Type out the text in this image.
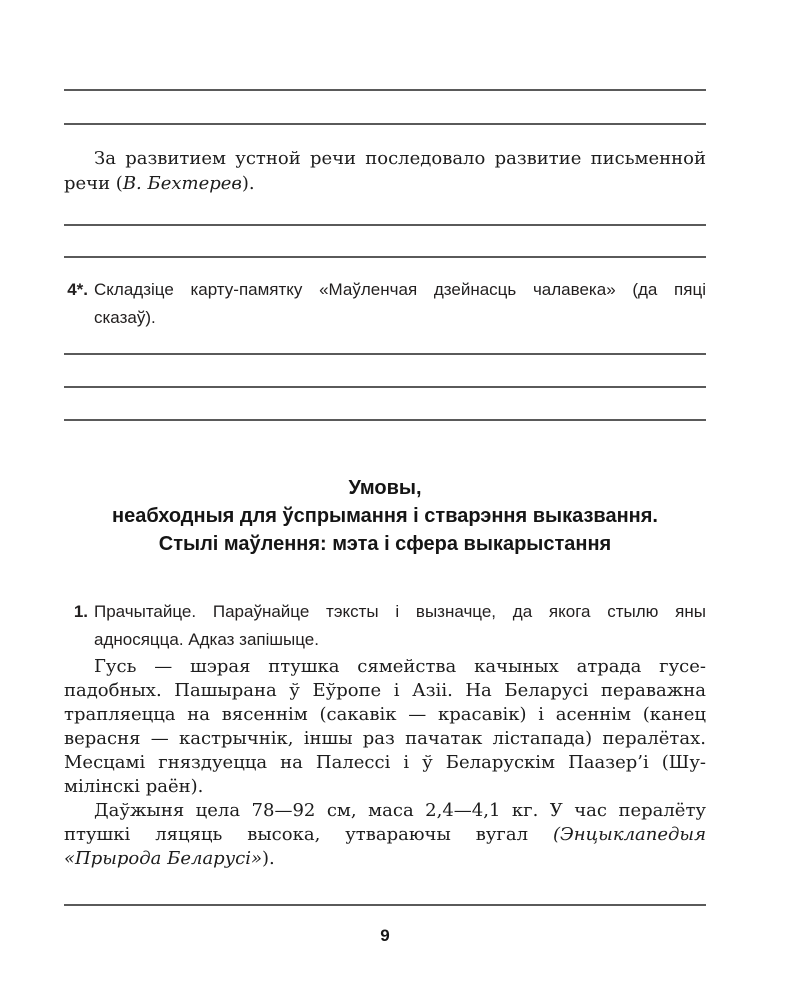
За развитием устной речи последовало развитие письменной
речи (В. Бехтерев).
4*. Складзіце карту-памятку «Маўленчая дзейнасць чалавека» (да пяці
сказаў).
Умовы,
неабходныя для ўспрымання і стварэння выказвання.
Стылі маўлення: мэта і сфера выкарыстання
1. Прачытайце. Параўнайце тэксты і вызначце, да якога стылю яны
адносяцца. Адказ запішыце.
Гусь — шэрая птушка сямейства качыных атрада гусе-
падобных. Пашырана ў Еўропе і Азіі. На Беларусі пераважна
трапляецца на вясеннім (сакавік — красавік) і асеннім (канец
верасня — кастрычнік, іншы раз пачатак лістапада) пералётах.
Месцамі гняздуецца на Палессі і ў Беларускім Паазер’і (Шу-
мілінскі раён).
Даўжыня цела 78—92 см, маса 2,4—4,1 кг. У час пералёту
птушкі ляцяць высока, утвараючы вугал (Энцыклапедыя
«Прырода Беларусі»).
9
